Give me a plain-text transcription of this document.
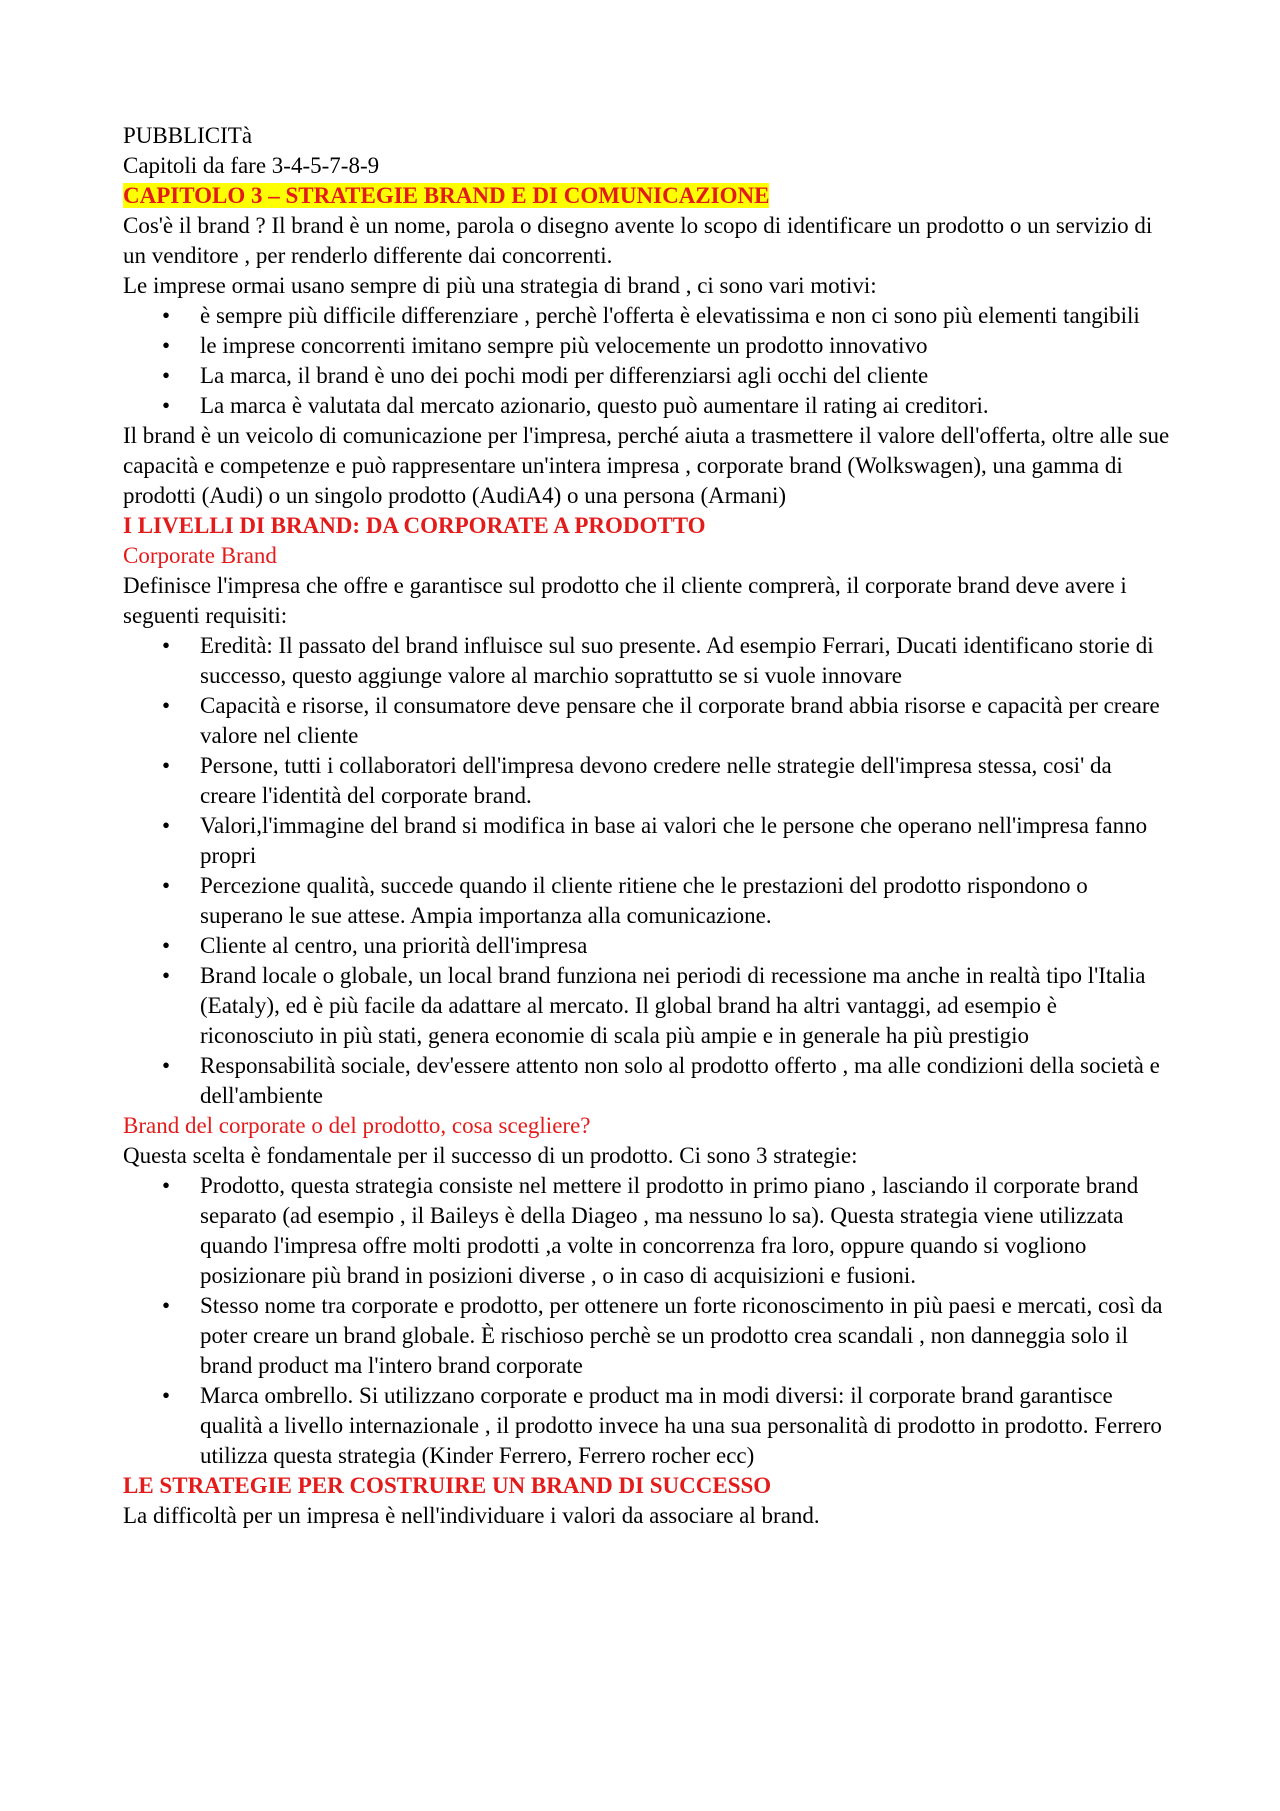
PUBBLICITà

Capitoli da fare 3-4-5-7-8-9

CAPITOLO 3 – STRATEGIE BRAND E DI COMUNICAZIONE

Cos'è il brand ? Il brand è un nome, parola o disegno avente lo scopo di identificare un prodotto o un servizio di un venditore , per renderlo differente dai concorrenti.

Le imprese ormai usano sempre di più una strategia di brand , ci sono vari motivi:

• è sempre più difficile differenziare , perchè l'offerta è elevatissima e non ci sono più elementi tangibili
• le imprese concorrenti imitano sempre più velocemente un prodotto innovativo
• La marca, il brand è uno dei pochi modi per differenziarsi agli occhi del cliente
• La marca è valutata dal mercato azionario, questo può aumentare il rating ai creditori.

Il brand è un veicolo di comunicazione per l'impresa, perché aiuta a trasmettere il valore dell'offerta, oltre alle sue capacità e competenze e può rappresentare un'intera impresa , corporate brand (Wolkswagen), una gamma di prodotti (Audi) o un singolo prodotto (AudiA4) o una persona (Armani)

I LIVELLI DI BRAND: DA CORPORATE A PRODOTTO

Corporate Brand

Definisce l'impresa che offre e garantisce sul prodotto che il cliente comprerà, il corporate brand deve avere i seguenti requisiti:

• Eredità: Il passato del brand influisce sul suo presente. Ad esempio Ferrari, Ducati identificano storie di successo, questo aggiunge valore al marchio soprattutto se si vuole innovare
• Capacità e risorse, il consumatore deve pensare che il corporate brand abbia risorse e capacità per creare valore nel cliente
• Persone, tutti i collaboratori dell'impresa devono credere nelle strategie dell'impresa stessa, cosi' da creare l'identità del corporate brand.
• Valori,l'immagine del brand si modifica in base ai valori che le persone che operano nell'impresa fanno propri
• Percezione qualità, succede quando il cliente ritiene che le prestazioni del prodotto rispondono o superano le sue attese. Ampia importanza alla comunicazione.
• Cliente al centro, una priorità dell'impresa
• Brand locale o globale, un local brand funziona nei periodi di recessione ma anche in realtà tipo l'Italia (Eataly), ed è più facile da adattare al mercato. Il global brand ha altri vantaggi, ad esempio è riconosciuto in più stati, genera economie di scala più ampie e in generale ha più prestigio
• Responsabilità sociale, dev'essere attento non solo al prodotto offerto , ma alle condizioni della società e dell'ambiente

Brand del corporate o del prodotto, cosa scegliere?

Questa scelta è fondamentale per il successo di un prodotto. Ci sono 3 strategie:

• Prodotto, questa strategia consiste nel mettere il prodotto in primo piano , lasciando il corporate brand separato (ad esempio , il Baileys è della Diageo , ma nessuno lo sa). Questa strategia viene utilizzata quando l'impresa offre molti prodotti ,a volte in concorrenza fra loro, oppure quando si vogliono posizionare più brand in posizioni diverse , o in caso di acquisizioni e fusioni.
• Stesso nome tra corporate e prodotto, per ottenere un forte riconoscimento in più paesi e mercati, così da poter creare un brand globale. È rischioso perchè se un prodotto crea scandali , non danneggia solo il brand product ma l'intero brand corporate
• Marca ombrello. Si utilizzano corporate e product ma in modi diversi: il corporate brand garantisce qualità a livello internazionale , il prodotto invece ha una sua personalità di prodotto in prodotto. Ferrero utilizza questa strategia (Kinder Ferrero, Ferrero rocher ecc)

LE STRATEGIE PER COSTRUIRE UN BRAND DI SUCCESSO

La difficoltà per un impresa è nell'individuare i valori da associare al brand.
